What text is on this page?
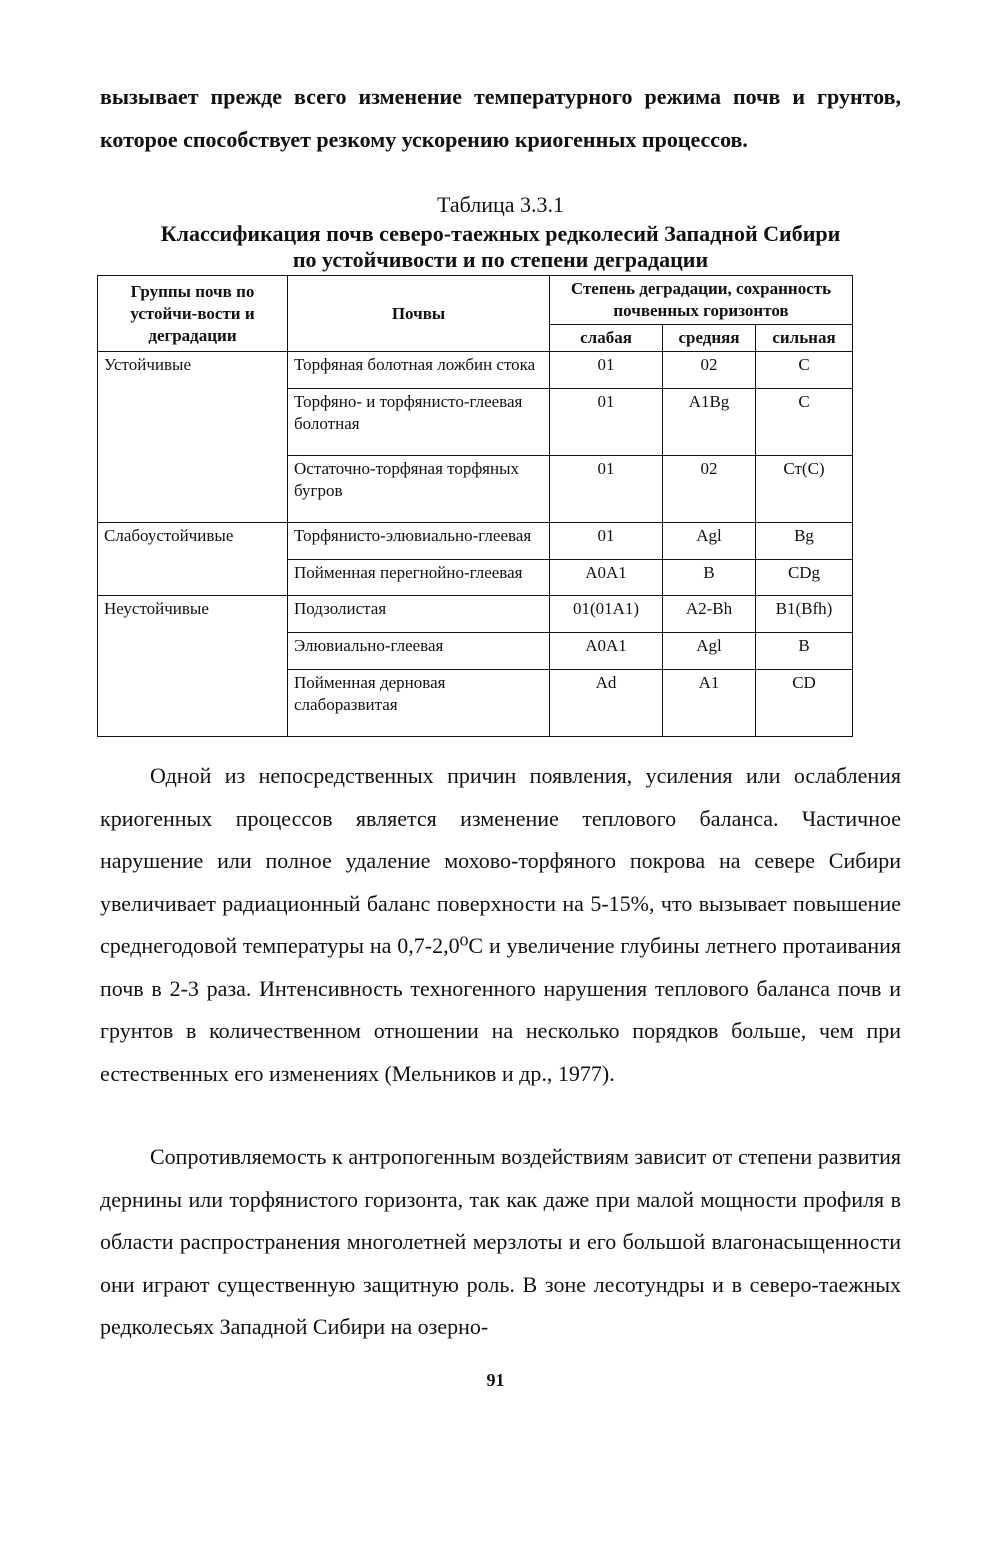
вызывает прежде всего изменение температурного режима почв и грунтов, которое способствует резкому ускорению криогенных процессов.

Таблица 3.3.1

Классификация почв северо-таежных редколесий Западной Сибири

по устойчивости и по степени деградации

Группы почв по устойчи-вости и деградации	Почвы	Степень деградации, сохранность почвенных горизонтов		
		слабая	средняя	сильная
Устойчивые	Торфяная болотная ложбин стока	01	02	С
	Торфяно- и торфянисто-глеевая болотная	01	A1Bg	С
	Остаточно-торфяная торфяных бугров	01	02	Ст(С)
Слабоустойчивые	Торфянисто-элювиально-глеевая	01	Agl	Bg
	Пойменная перегнойно-глеевая	A0A1	В	CDg
Неустойчивые	Подзолистая	01(01A1)	A2-Bh	B1(Bfh)
	Элювиально-глеевая	A0A1	Agl	В
	Пойменная дерновая слаборазвитая	Ad	A1	CD

Одной из непосредственных причин появления, усиления или ослабления криогенных процессов является изменение теплового баланса. Частичное нарушение или полное удаление мохово-торфяного покрова на севере Сибири увеличивает радиационный баланс поверхности на 5-15%, что вызывает повышение среднегодовой температуры на 0,7-2,0⁰С и увеличение глубины летнего протаивания почв в 2-3 раза. Интенсивность техногенного нарушения теплового баланса почв и грунтов в количественном отношении на несколько порядков больше, чем при естественных его изменениях (Мельников и др., 1977).

Сопротивляемость к антропогенным воздействиям зависит от степени развития дернины или торфянистого горизонта, так как даже при малой мощности профиля в области распространения многолетней мерзлоты и его большой влагонасыщенности они играют существенную защитную роль. В зоне лесотундры и в северо-таежных редколесьях Западной Сибири на озерно-

91
